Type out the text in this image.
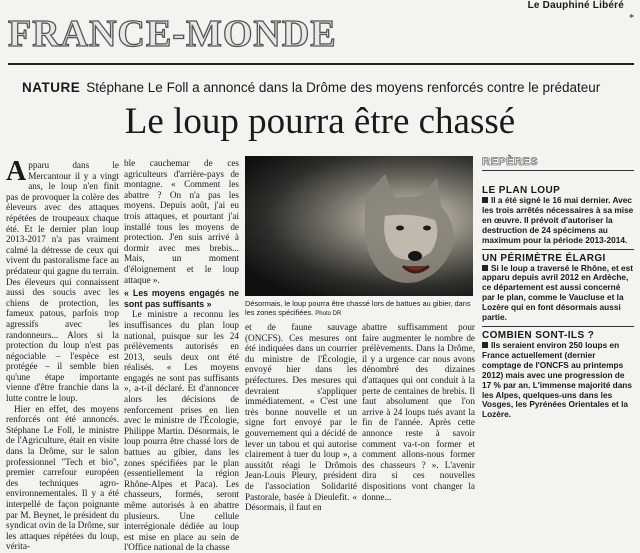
Le Dauphiné Libéré
*
FRANCE-MONDE
NATURE Stéphane Le Foll a annoncé dans la Drôme des moyens renforcés contre le prédateur
Le loup pourra être chassé

Apparu dans le Mercantour il y a vingt ans, le loup n'en finit pas de provoquer la colère des éleveurs avec des attaques répétées de troupeaux chaque été. Et le dernier plan loup 2013-2017 n'a pas vraiment calmé la détresse de ceux qui vivent du pastoralisme face au prédateur qui gagne du terrain. Des éleveurs qui connaissent aussi des soucis avec les chiens de protection, les fameux patous, parfois trop agressifs avec les randonneurs... Alors si la protection du loup n'est pas négociable – l'espèce est protégée – il semble bien qu'une étape importante vienne d'être franchie dans la lutte contre le loup.

Hier en effet, des moyens renforcés ont été annoncés. Stéphane Le Foll, le ministre de l'Agriculture, était en visite dans la Drôme, sur le salon professionnel "Tech et bio", premier carrefour européen des techniques agro-environnementales. Il y a été interpellé de façon poignante par M. Beynet, le président du syndicat ovin de la Drôme, sur les attaques répétées du loup, vérita-

ble cauchemar de ces agriculteurs d'arrière-pays de montagne. « Comment les abattre ? On n'a pas les moyens. Depuis août, j'ai eu trois attaques, et pourtant j'ai installé tous les moyens de protection. J'en suis arrivé à dormir avec mes brebis... Mais, un moment d'éloignement et le loup attaque ».

« Les moyens engagés ne sont pas suffisants »

Le ministre a reconnu les insuffisances du plan loup national, puisque sur les 24 prélèvements autorisés en 2013, seuls deux ont été réalisés. « Les moyens engagés ne sont pas suffisants », a-t-il déclaré. Et d'annoncer alors les décisions de renforcement prises en lien avec le ministre de l'Écologie, Philippe Martin. Désormais, le loup pourra être chassé lors de battues au gibier, dans les zones spécifiées par le plan (essentiellement la région Rhône-Alpes et Paca). Les chasseurs, formés, seront même autorisés à en abattre plusieurs. Une cellule interrégionale dédiée au loup est mise en place au sein de l'Office national de la chasse

Désormais, le loup pourra être chassé lors de battues au gibier, dans les zones spécifiées. Photo DR

et de faune sauvage (ONCFS). Ces mesures ont été indiquées dans un courrier du ministre de l'Écologie, envoyé hier dans les préfectures. Des mesures qui devraient s'appliquer immédiatement. « C'est une très bonne nouvelle et un signe fort envoyé par le gouvernement qui a décidé de lever un tabou et qui autorise clairement à tuer du loup », a aussitôt réagi le Drômois Jean-Louis Pleury, président de l'association Solidarité Pastorale, basée à Dieulefit. « Désormais, il faut en

abattre suffisamment pour faire augmenter le nombre de prélèvements. Dans la Drôme, il y a urgence car nous avons dénombré des dizaines d'attaques qui ont conduit à la perte de centaines de brebis. Il faut absolument que l'on arrive à 24 loups tués avant la fin de l'année. Après cette annonce reste à savoir comment va-t-on former et comment allons-nous former des chasseurs ? ». L'avenir dira si ces nouvelles dispositions vont changer la donne...

REPÈRES
LE PLAN LOUP
Il a été signé le 16 mai dernier. Avec les trois arrêtés nécessaires à sa mise en œuvre. Il prévoit d'autoriser la destruction de 24 spécimens au maximum pour la période 2013-2014.
UN PÉRIMÈTRE ÉLARGI
Si le loup a traversé le Rhône, et est apparu depuis avril 2012 en Ardèche, ce département est aussi concerné par le plan, comme le Vaucluse et la Lozère qui en font désormais aussi partie.
COMBIEN SONT-ILS ?
Ils seraient environ 250 loups en France actuellement (dernier comptage de l'ONCFS au printemps 2012) mais avec une progression de 17 % par an. L'immense majorité dans les Alpes, quelques-uns dans les Vosges, les Pyrénées Orientales et la Lozère.
